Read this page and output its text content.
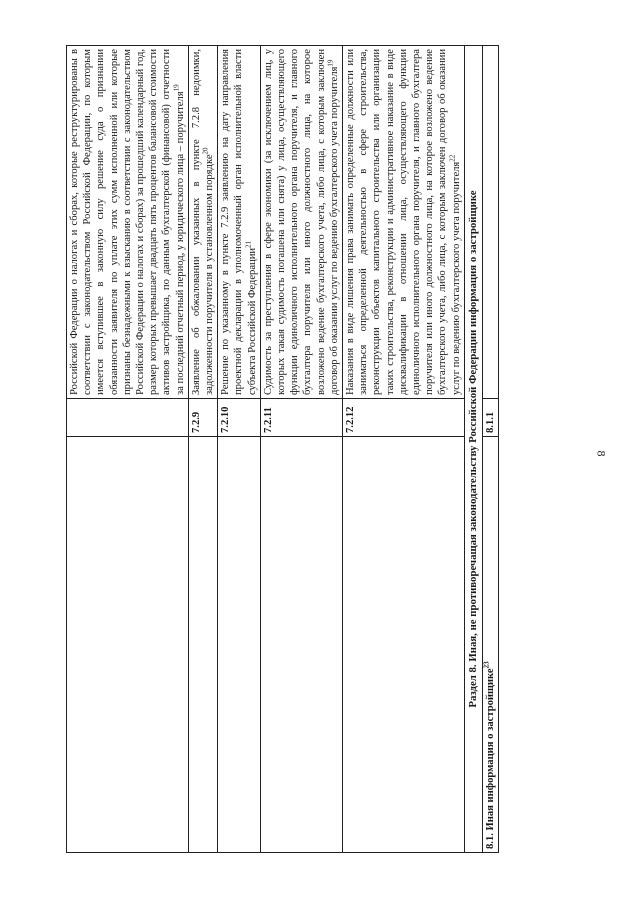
8
		Российской Федерации о налогах и сборах, которые реструктурированы в соответствии с законодательством Российской Федерации, по которым имеется вступившее в законную силу решение суда о признании обязанности заявителя по уплате этих сумм исполненной или которые признаны безнадежными к взысканию в соответствии с законодательством Российской Федерации о налогах и сборах) за прошедший календарный год, размер которых превышает двадцать пять процентов балансовой стоимости активов застройщика, по данным бухгалтерской (финансовой) отчетности за последний отчетный период, у юридического лица – поручителя$^{19}$
	7.2.9	Заявление об обжаловании указанных в пункте 7.2.8 недоимки, задолженности поручителя в установленном порядке$^{20}$
	7.2.10	Решение по указанному в пункте 7.2.9 заявлению на дату направления проектной декларации в уполномоченный орган исполнительной власти субъекта Российской Федерации$^{21}$
	7.2.11	Судимость за преступления в сфере экономики (за исключением лиц, у которых такая судимость погашена или снята) у лица, осуществляющего функции единоличного исполнительного органа поручителя, и главного бухгалтера поручителя или иного должностного лица, на которое возложено ведение бухгалтерского учета, либо лица, с которым заключен договор об оказании услуг по ведению бухгалтерского учета поручителя$^{19}$
	7.2.12	Наказания в виде лишения права занимать определенные должности или заниматься определенной деятельностью в сфере строительства, реконструкции объектов капитального строительства или организации таких строительства, реконструкции и административное наказание в виде дисквалификации в отношении лица, осуществляющего функции единоличного исполнительного органа поручителя, и главного бухгалтера поручителя или иного должностного лица, на которое возложено ведение бухгалтерского учета, либо лица, с которым заключен договор об оказании услуг по ведению бухгалтерского учета поручителя$^{22}$
Раздел 8. Иная, не противоречащая законодательству Российской Федерации информация о застройщике		
8.1. Иная информация о застройщике$^{23}$	8.1.1	
